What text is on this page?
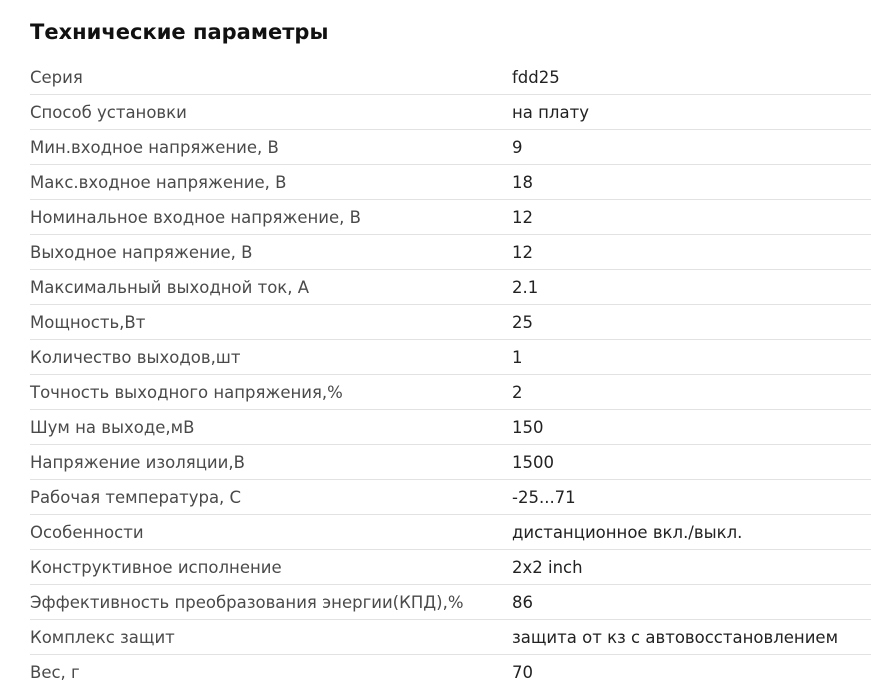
Технические параметры
Серия	fdd25
Способ установки	на плату
Мин.входное напряжение, В	9
Макс.входное напряжение, В	18
Номинальное входное напряжение, В	12
Выходное напряжение, В	12
Максимальный выходной ток, А	2.1
Мощность,Вт	25
Количество выходов,шт	1
Точность выходного напряжения,%	2
Шум на выходе,мВ	150
Напряжение изоляции,В	1500
Рабочая температура, С	-25...71
Особенности	дистанционное вкл./выкл.
Конструктивное исполнение	2x2 inch
Эффективность преобразования энергии(КПД),%	86
Комплекс защит	защита от кз с автовосстановлением
Вес, г	70
